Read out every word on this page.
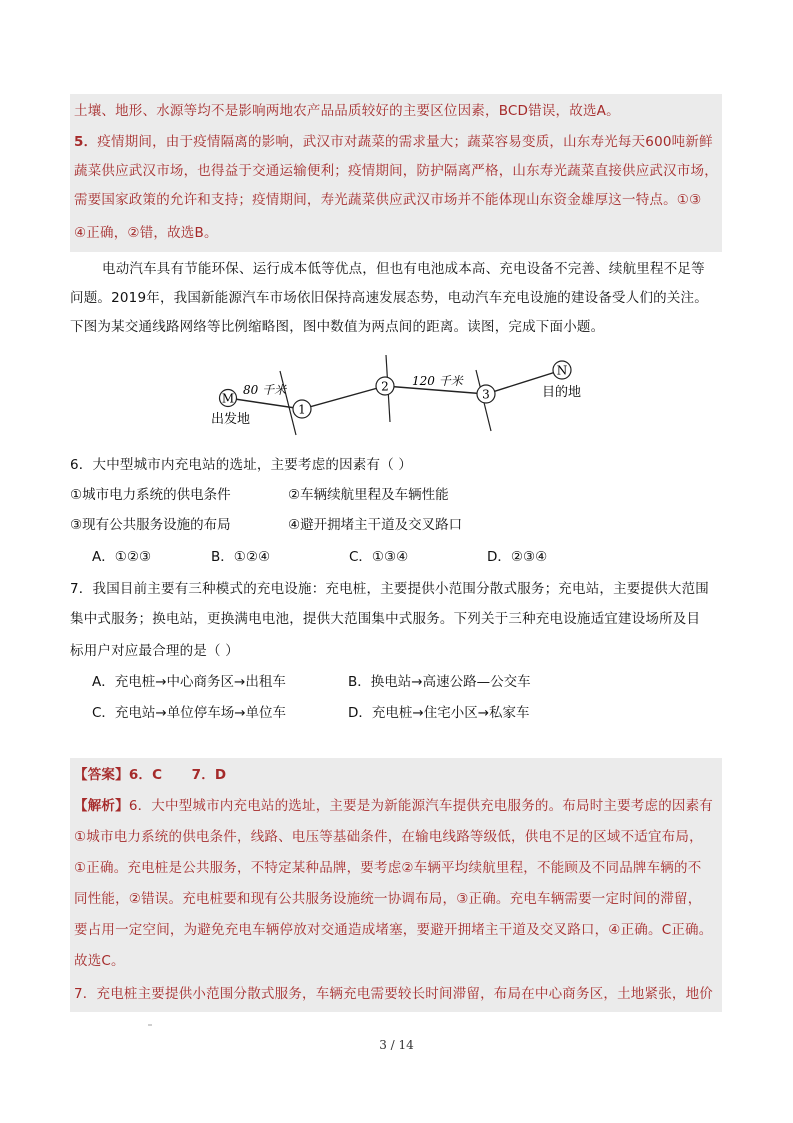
土壤、地形、水源等均不是影响两地农产品品质较好的主要区位因素，BCD错误，故选A。
5．疫情期间，由于疫情隔离的影响，武汉市对蔬菜的需求量大；蔬菜容易变质，山东寿光每天600吨新鲜
蔬菜供应武汉市场，也得益于交通运输便利；疫情期间，防护隔离严格，山东寿光蔬菜直接供应武汉市场，
需要国家政策的允许和支持；疫情期间，寿光蔬菜供应武汉市场并不能体现山东资金雄厚这一特点。①③
④正确，②错，故选B。
电动汽车具有节能环保、运行成本低等优点，但也有电池成本高、充电设备不完善、续航里程不足等
问题。2019年，我国新能源汽车市场依旧保持高速发展态势，电动汽车充电设施的建设备受人们的关注。
下图为某交通线路网络等比例缩略图，图中数值为两点间的距离。读图，完成下面小题。
M
1
2
3
N
80 千米
120 千米
出发地
目的地
6．大中型城市内充电站的选址，主要考虑的因素有（ ）
①城市电力系统的供电条件	②车辆续航里程及车辆性能
③现有公共服务设施的布局	④避开拥堵主干道及交叉路口
A．①②③	B．①②④	C．①③④	D．②③④
7．我国目前主要有三种模式的充电设施：充电桩，主要提供小范围分散式服务；充电站，主要提供大范围
集中式服务；换电站，更换满电电池，提供大范围集中式服务。下列关于三种充电设施适宜建设场所及目
标用户对应最合理的是（ ）
A．充电桩→中心商务区→出租车	B．换电站→高速公路—公交车
C．充电站→单位停车场→单位车	D．充电桩→住宅小区→私家车
【答案】6．C      7．D
【解析】6．大中型城市内充电站的选址，主要是为新能源汽车提供充电服务的。布局时主要考虑的因素有
①城市电力系统的供电条件，线路、电压等基础条件，在输电线路等级低，供电不足的区域不适宜布局，
①正确。充电桩是公共服务，不特定某种品牌，要考虑②车辆平均续航里程，不能顾及不同品牌车辆的不
同性能，②错误。充电桩要和现有公共服务设施统一协调布局，③正确。充电车辆需要一定时间的滞留，
要占用一定空间，为避免充电车辆停放对交通造成堵塞，要避开拥堵主干道及交叉路口，④正确。C正确。
故选C。
7．充电桩主要提供小范围分散式服务，车辆充电需要较长时间滞留，布局在中心商务区，土地紧张，地价
3 / 14
